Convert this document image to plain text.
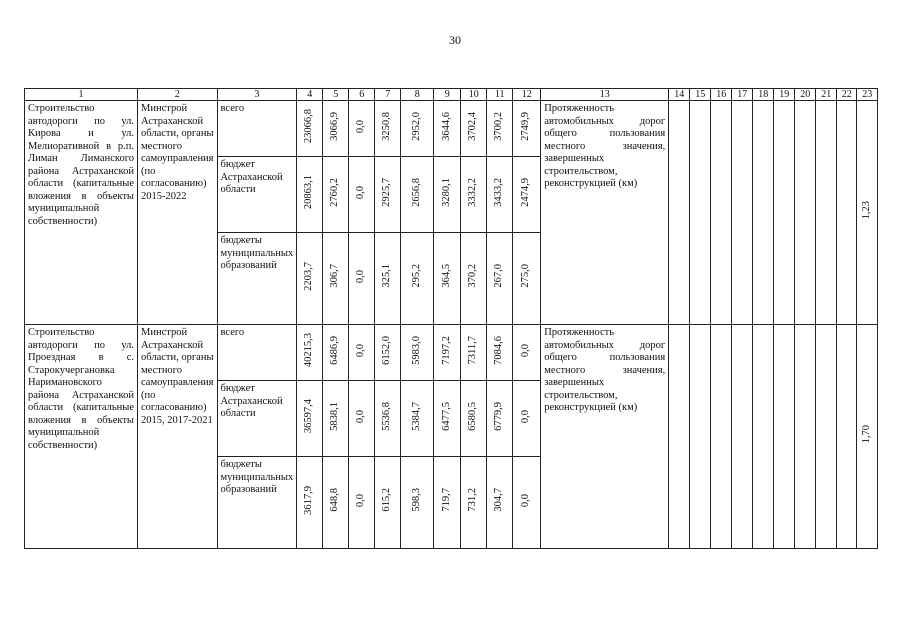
30
1	2	3	4	5	6	7	8	9	10	11	12	13	14	15	16	17	18	19	20	21	22	23

Строительство автодороги по ул. Кирова и ул. Мелиоративной в р.п. Лиман Лиманского района Астраханской области (капитальные вложения в объекты муниципальной собственности)	Минстрой Астраханской области, органы местного самоуправления (по согласованию) 2015-2022	всего	23066,8	3066,9	0,0	3250,8	2952,0	3644,6	3702,4	3700,2	2749,9	Протяженность автомобильных дорог общего пользования местного значения, завершенных строительством, реконструкцией (км)										1,23

		бюджет Астраханской области	20863,1	2760,2	0,0	2925,7	2656,8	3280,1	3332,2	3433,2	2474,9											

		бюджеты муниципальных образований	2203,7	306,7	0,0	325,1	295,2	364,5	370,2	267,0	275,0											

Строительство автодороги по ул. Проездная в с. Старокучергановка Наримановского района Астраханской области (капитальные вложения в объекты муниципальной собственности)	Минстрой Астраханской области, органы местного самоуправления (по согласованию) 2015, 2017-2021	всего	40215,3	6486,9	0,0	6152,0	5983,0	7197,2	7311,7	7084,6	0,0	Протяженность автомобильных дорог общего пользования местного значения, завершенных строительством, реконструкцией (км)										1,70

		бюджет Астраханской области	36597,4	5838,1	0,0	5536,8	5384,7	6477,5	6580,5	6779,9	0,0											

		бюджеты муниципальных образований	3617,9	648,8	0,0	615,2	598,3	719,7	731,2	304,7	0,0											
